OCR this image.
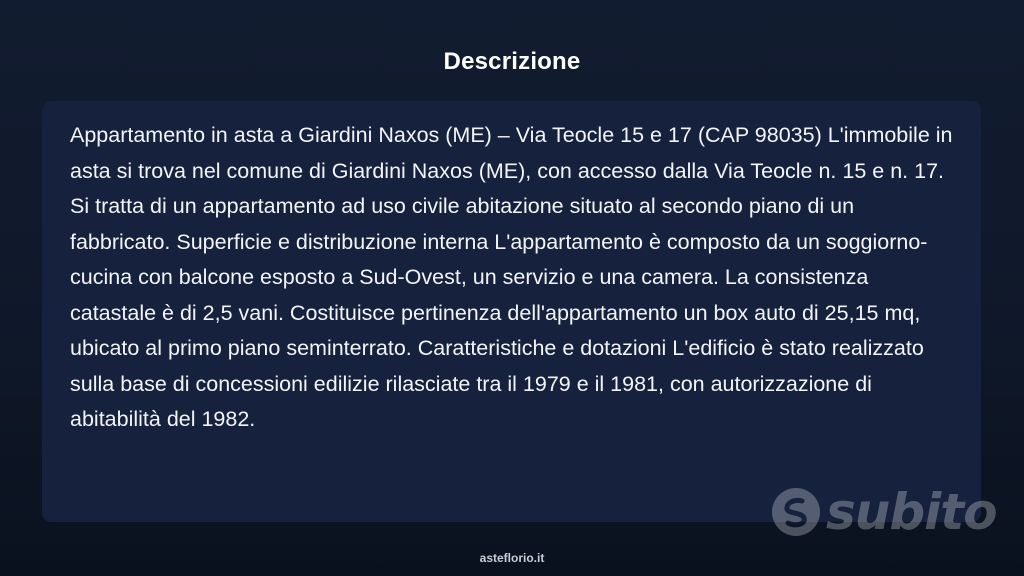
Descrizione

Appartamento in asta a Giardini Naxos (ME) – Via Teocle 15 e 17 (CAP 98035) L'immobile in asta si trova nel comune di Giardini Naxos (ME), con accesso dalla Via Teocle n. 15 e n. 17. Si tratta di un appartamento ad uso civile abitazione situato al secondo piano di un fabbricato. Superficie e distribuzione interna L'appartamento è composto da un soggiorno-cucina con balcone esposto a Sud-Ovest, un servizio e una camera. La consistenza catastale è di 2,5 vani. Costituisce pertinenza dell'appartamento un box auto di 25,15 mq, ubicato al primo piano seminterrato. Caratteristiche e dotazioni L'edificio è stato realizzato sulla base di concessioni edilizie rilasciate tra il 1979 e il 1981, con autorizzazione di abitabilità del 1982.

subito
asteflorio.it
